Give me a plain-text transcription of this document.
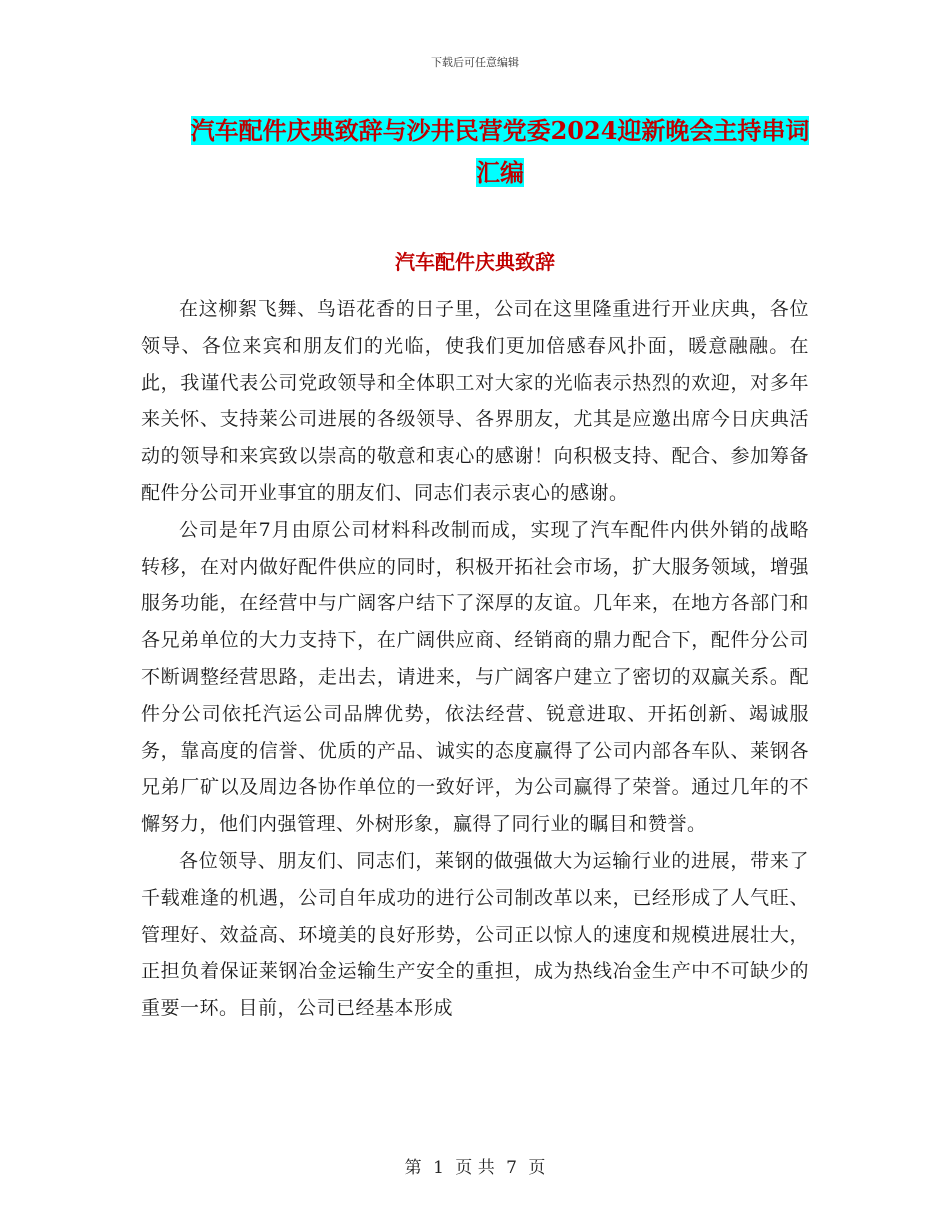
下载后可任意编辑
汽车配件庆典致辞与沙井民营党委2024迎新晚会主持串词汇编
汽车配件庆典致辞

在这柳絮飞舞、鸟语花香的日子里，公司在这里隆重进行开业庆典，各位领导、各位来宾和朋友们的光临，使我们更加倍感春风扑面，暖意融融。在此，我谨代表公司党政领导和全体职工对大家的光临表示热烈的欢迎，对多年来关怀、支持莱公司进展的各级领导、各界朋友，尤其是应邀出席今日庆典活动的领导和来宾致以崇高的敬意和衷心的感谢！向积极支持、配合、参加筹备配件分公司开业事宜的朋友们、同志们表示衷心的感谢。

公司是年7月由原公司材料科改制而成，实现了汽车配件内供外销的战略转移，在对内做好配件供应的同时，积极开拓社会市场，扩大服务领域，增强服务功能，在经营中与广阔客户结下了深厚的友谊。几年来，在地方各部门和各兄弟单位的大力支持下，在广阔供应商、经销商的鼎力配合下，配件分公司不断调整经营思路，走出去，请进来，与广阔客户建立了密切的双赢关系。配件分公司依托汽运公司品牌优势，依法经营、锐意进取、开拓创新、竭诚服务，靠高度的信誉、优质的产品、诚实的态度赢得了公司内部各车队、莱钢各兄弟厂矿以及周边各协作单位的一致好评，为公司赢得了荣誉。通过几年的不懈努力，他们内强管理、外树形象，赢得了同行业的瞩目和赞誉。

各位领导、朋友们、同志们，莱钢的做强做大为运输行业的进展，带来了千载难逢的机遇，公司自年成功的进行公司制改革以来，已经形成了人气旺、管理好、效益高、环境美的良好形势，公司正以惊人的速度和规模进展壮大，正担负着保证莱钢冶金运输生产安全的重担，成为热线冶金生产中不可缺少的重要一环。目前，公司已经基本形成

第 1 页 共 7 页
